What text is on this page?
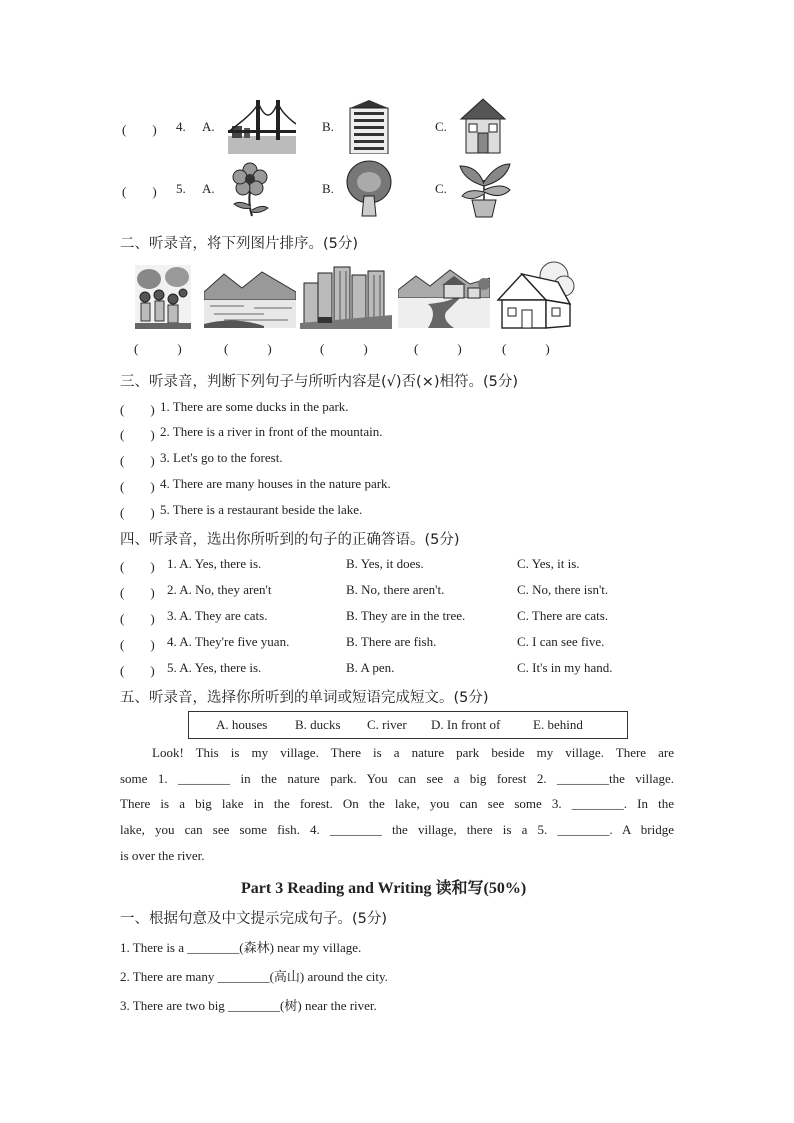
(　　) 4. A.	B.	C.
(　　) 5. A.	B.	C.
二、听录音，将下列图片排序。(5分)
(　　　)	(　　　)	(　　　)	(　　　)	(　　　)
三、听录音，判断下列句子与所听内容是(√)否(×)相符。(5分)
(　　) 1. There are some ducks in the park.
(　　) 2. There is a river in front of the mountain.
(　　) 3. Let's go to the forest.
(　　) 4. There are many houses in the nature park.
(　　) 5. There is a restaurant beside the lake.
四、听录音，选出你所听到的句子的正确答语。(5分)
(　　) 1. A. Yes, there is.	B. Yes, it does.	C. Yes, it is.
(　　) 2. A. No, they aren't	B. No, there aren't.	C. No, there isn't.
(　　) 3. A. They are cats.	B. They are in the tree.	C. There are cats.
(　　) 4. A. They're five yuan.	B. There are fish.	C. I can see five.
(　　) 5. A. Yes, there is.	B. A pen.	C. It's in my hand.
五、听录音，选择你所听到的单词或短语完成短文。(5分)
A. houses B. ducks C. river D. In front of	E. behind
Look! This is my village. There is a nature park beside my village. There are
some 1. ________ in the nature park. You can see a big forest 2. ________the village.
There is a big lake in the forest. On the lake, you can see some 3. ________. In the
lake, you can see some fish. 4. ________ the village, there is a 5. ________. A bridge
is over the river.
Part 3 Reading and Writing 读和写(50%)
一、根据句意及中文提示完成句子。(5分)
1. There is a ________(森林) near my village.
2. There are many ________(高山) around the city.
3. There are two big ________(树) near the river.
